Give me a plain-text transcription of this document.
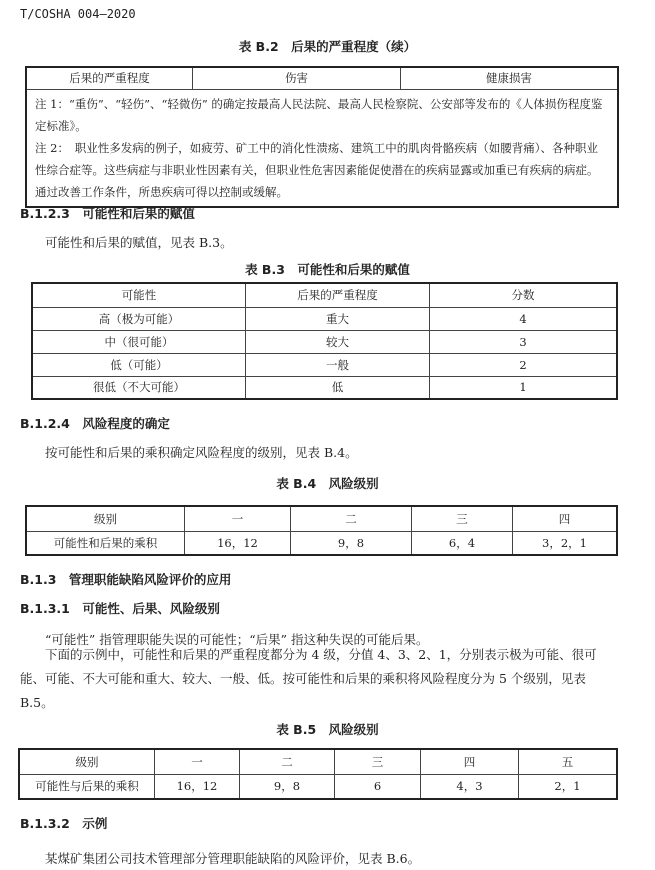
T/COSHA 004—2020
表 B.2　后果的严重程度（续）
后果的严重程度	伤害	健康损害

注 1：“重伤”、“轻伤”、“轻微伤” 的确定按最高人民法院、最高人民检察院、公安部等发布的《人体损伤程度鉴定标准》。
注 2：　职业性多发病的例子，如疲劳、矿工中的消化性溃疡、建筑工中的肌肉骨骼疾病（如腰背痛）、各种职业性综合症等。这些病症与非职业性因素有关，但职业性危害因素能促使潜在的疾病显露或加重已有疾病的病症。通过改善工作条件，所患疾病可得以控制或缓解。
B.1.2.3　可能性和后果的赋值
可能性和后果的赋值，见表 B.3。
表 B.3　可能性和后果的赋值
可能性	后果的严重程度	分数
高（极为可能）	重大	4
中（很可能）	较大	3
低（可能）	一般	2
很低（不大可能）	低	1
B.1.2.4　风险程度的确定
按可能性和后果的乘积确定风险程度的级别，见表 B.4。
表 B.4　风险级别
级别	一	二	三	四
可能性和后果的乘积	16，12	9，8	6，4	3，2，1
B.1.3　管理职能缺陷风险评价的应用
B.1.3.1　可能性、后果、风险级别
“可能性” 指管理职能失误的可能性；“后果” 指这种失误的可能后果。
下面的示例中，可能性和后果的严重程度都分为 4 级，分值 4、3、2、1，分别表示极为可能、很可能、可能、不大可能和重大、较大、一般、低。按可能性和后果的乘积将风险程度分为 5 个级别，见表 B.5。
表 B.5　风险级别
级别	一	二	三	四	五
可能性与后果的乘积	16，12	9，8	6	4，3	2，1
B.1.3.2　示例
某煤矿集团公司技术管理部分管理职能缺陷的风险评价，见表 B.6。
